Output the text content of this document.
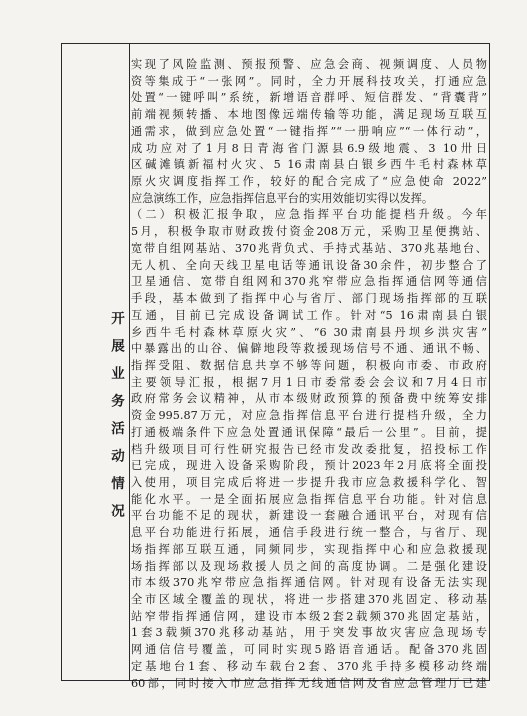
开展业务活动情况
实现了风险监测、预报预警、应急会商、视频调度、人员物
资等集成于“一张网”。同时，全力开展科技攻关，打通应急
处置“一键呼叫”系统，新增语音群呼、短信群发、“背囊背”
前端视频转播、本地图像远端传输等功能，满足现场互联互
通需求，做到应急处置“一键指挥”“一册响应”“一体行动”，
成功应对了1月8日青海省门源县6.9级地震、3 10卅日
区碱滩镇新福村火灾、5 16肃南县白银乡西牛毛村森林草
原火灾调度指挥工作，较好的配合完成了“应急使命 2022”
应急演练工作，应急指挥信息平台的实用效能切实得以发挥。
（二）积极汇报争取，应急指挥平台功能提档升级。今年
5月，积极争取市财政拨付资金208万元，采购卫星便携站、
宽带自组网基站、370兆背负式、手持式基站、370兆基地台、
无人机、全向天线卫星电话等通讯设备30余件，初步整合了
卫星通信、宽带自组网和370兆窄带应急指挥通信网等通信
手段，基本做到了指挥中心与省厅、部门现场指挥部的互联
互通，目前已完成设备调试工作。针对“5 16肃南县白银
乡西牛毛村森林草原火灾”、“6 30肃南县丹坝乡洪灾害”
中暴露出的山谷、偏僻地段等救援现场信号不通、通讯不畅、
指挥受阻、数据信息共享不够等问题，积极向市委、市政府
主要领导汇报，根据7月1日市委常委会会议和7月4日市
政府常务会议精神，从市本级财政预算的预备费中统筹安排
资金995.87万元，对应急指挥信息平台进行提档升级，全力
打通极端条件下应急处置通讯保障“最后一公里”。目前，提
档升级项目可行性研究报告已经市发改委批复，招投标工作
已完成，现进入设备采购阶段，预计2023年2月底将全面投
入使用，项目完成后将进一步提升我市应急救援科学化、智
能化水平。一是全面拓展应急指挥信息平台功能。针对信息
平台功能不足的现状，新建设一套融合通讯平台，对现有信
息平台功能进行拓展，通信手段进行统一整合，与省厅、现
场指挥部互联互通，同频同步，实现指挥中心和应急救援现
场指挥部以及现场救援人员之间的高度协调。二是强化建设
市本级370兆窄带应急指挥通信网。针对现有设备无法实现
全市区域全覆盖的现状，将进一步搭建370兆固定、移动基
站窄带指挥通信网，建设市本级2套2载频370兆固定基站，
1套3载频370兆移动基站，用于突发事故灾害应急现场专
网通信信号覆盖，可同时实现5路语音通话。配备370兆固
定基地台1套、移动车载台2套、370兆手持多模移动终端
60部，同时接入市应急指挥无线通信网及省应急管理厅已建
